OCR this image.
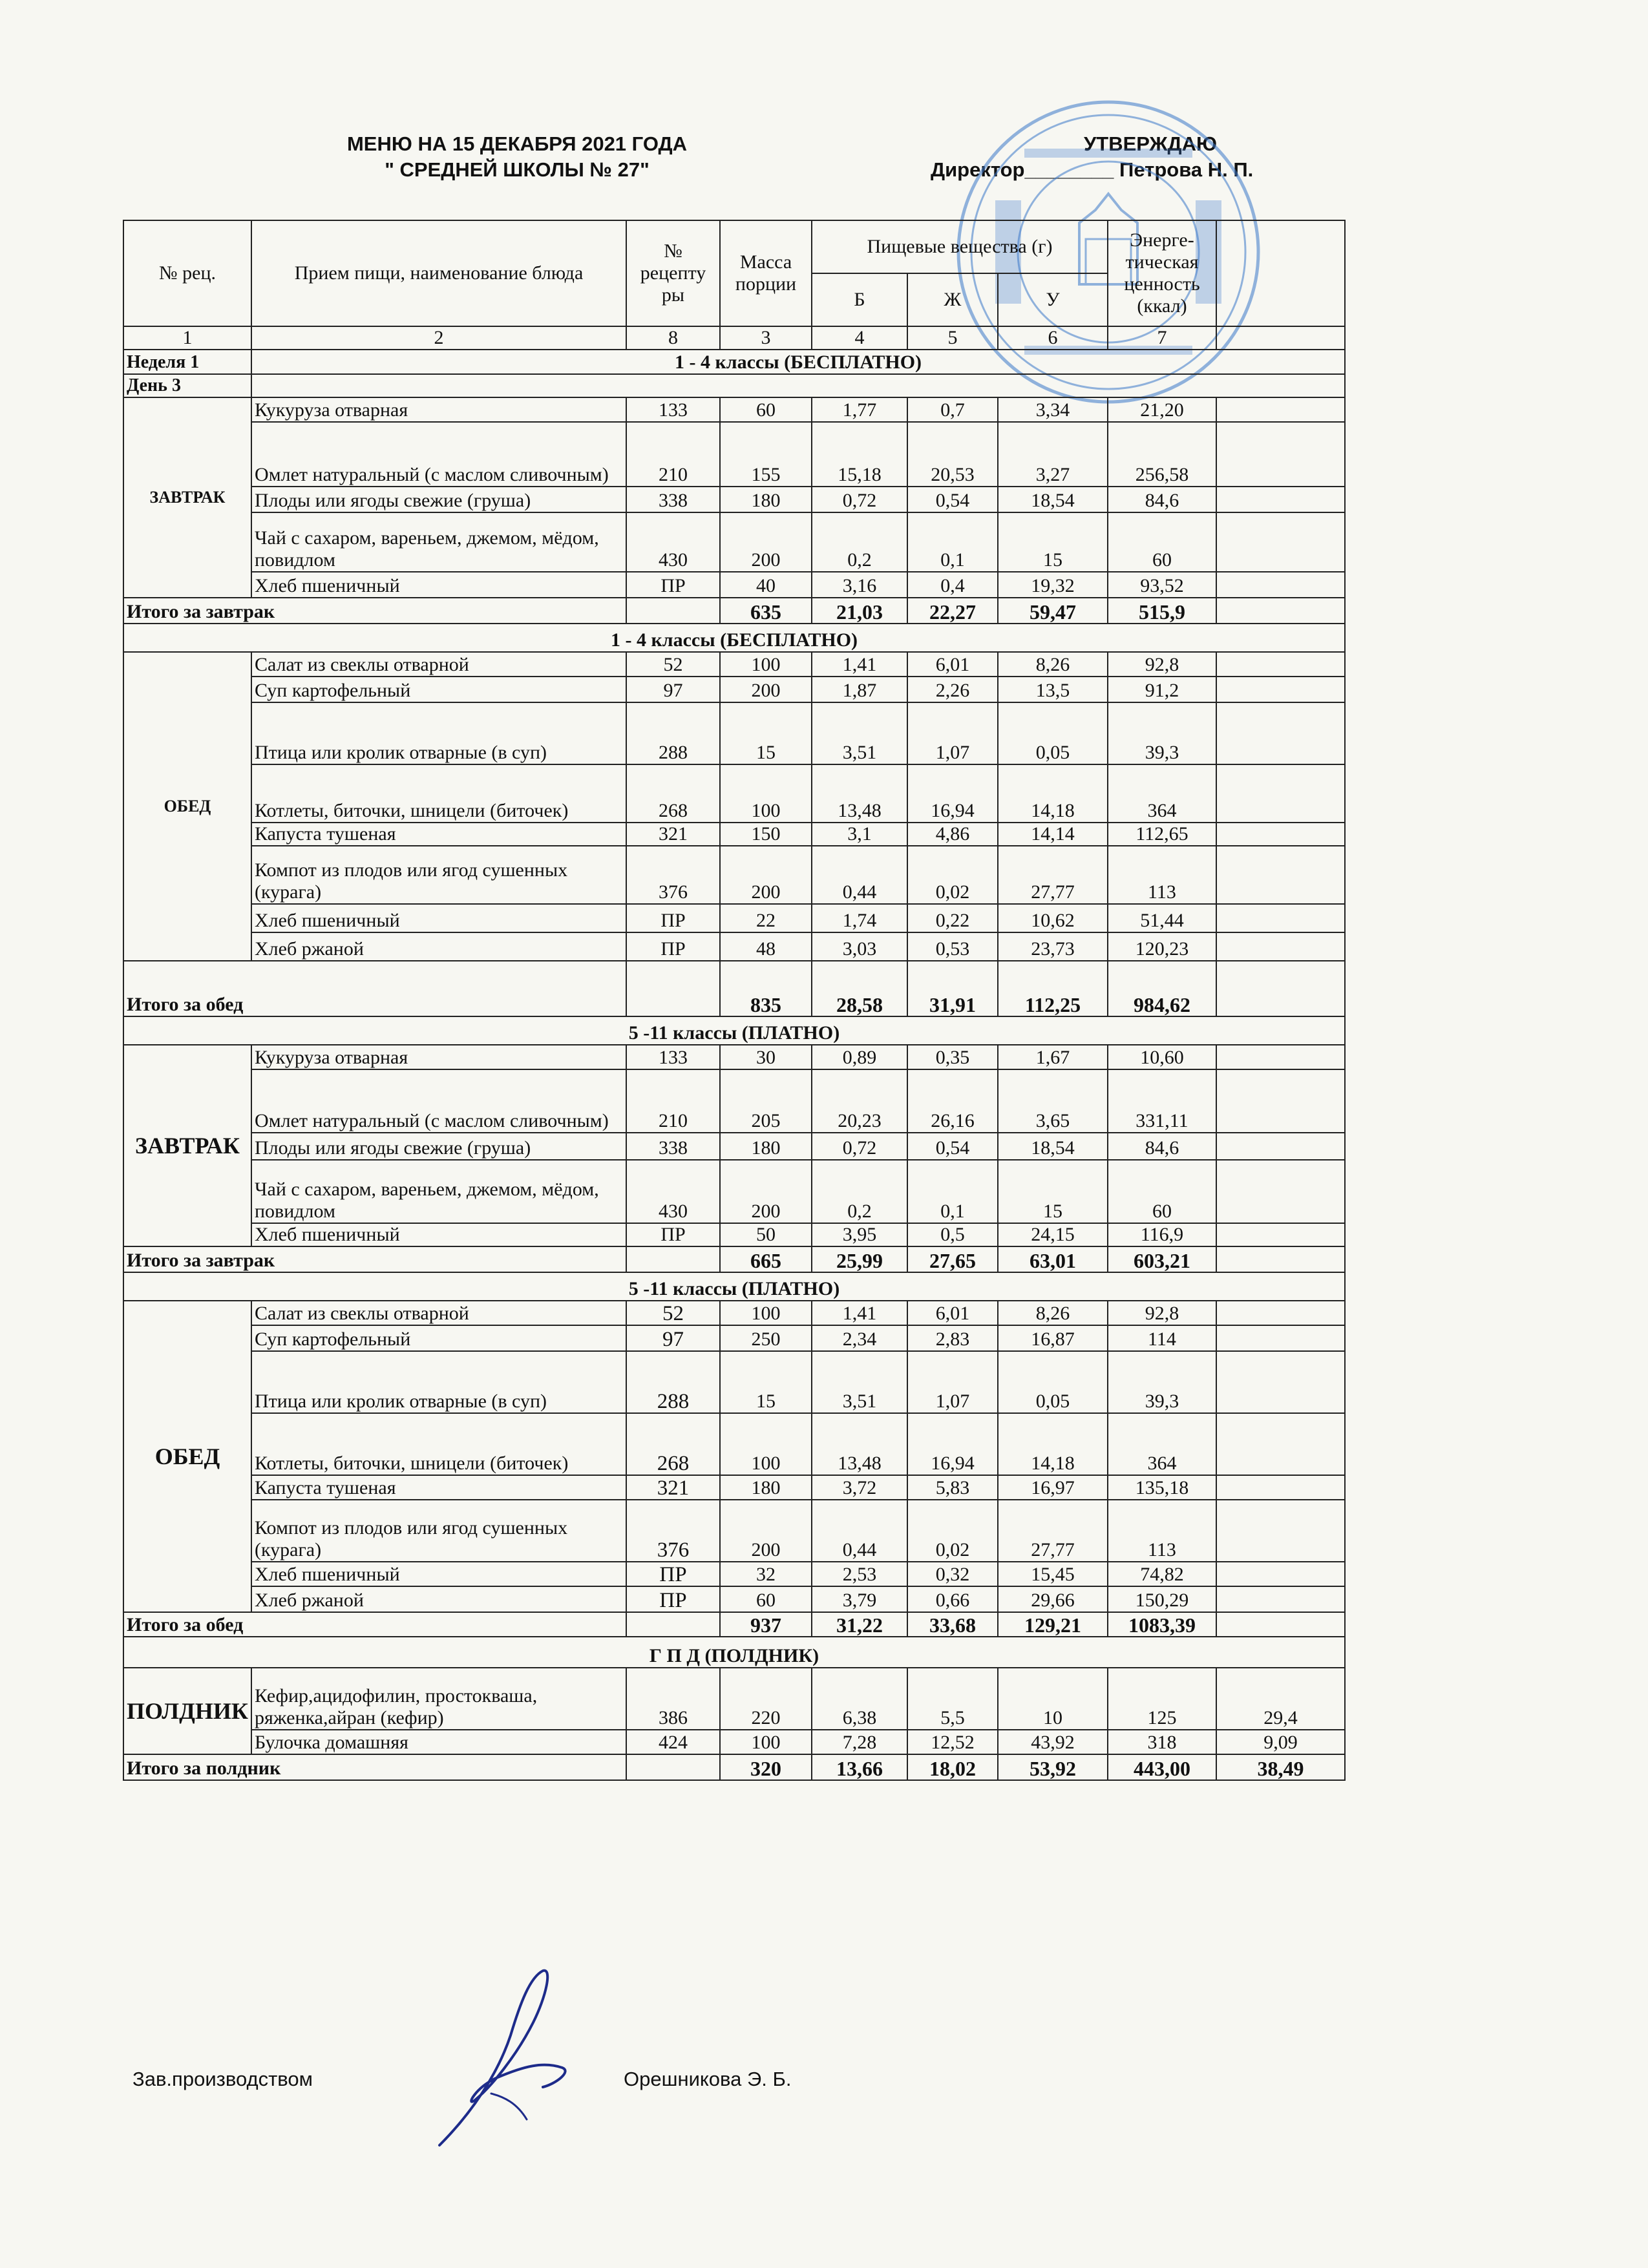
МЕНЮ НА 15 ДЕКАБРЯ 2021 ГОДА
" СРЕДНЕЙ ШКОЛЫ № 27"
УТВЕРЖДАЮ
Директор________ Петрова Н. П.
№ рец.	Прием пищи, наименование блюда	№ рецепту ры	Масса порции	Пищевые вещества (г)			Энерге- тическая ценность (ккал)	
				Б	Ж	У		
1	2	8	3	4	5	6	7	
Неделя 1	1 - 4 классы (БЕСПЛАТНО)							
День 3								
ЗАВТРАК	Кукуруза отварная	133	60	1,77	0,7	3,34	21,20	
	Омлет натуральный (с маслом сливочным)	210	155	15,18	20,53	3,27	256,58	
	Плоды или ягоды свежие (груша)	338	180	0,72	0,54	18,54	84,6	
	Чай с сахаром, вареньем, джемом, мёдом, повидлом	430	200	0,2	0,1	15	60	
	Хлеб пшеничный	ПР	40	3,16	0,4	19,32	93,52	
Итого за завтрак			635	21,03	22,27	59,47	515,9	
1 - 4 классы (БЕСПЛАТНО)								
ОБЕД	Салат из свеклы отварной	52	100	1,41	6,01	8,26	92,8	
	Суп картофельный	97	200	1,87	2,26	13,5	91,2	
	Птица или кролик отварные (в суп)	288	15	3,51	1,07	0,05	39,3	
	Котлеты, биточки, шницели (биточек)	268	100	13,48	16,94	14,18	364	
	Капуста тушеная	321	150	3,1	4,86	14,14	112,65	
	Компот из плодов или ягод сушенных (курага)	376	200	0,44	0,02	27,77	113	
	Хлеб пшеничный	ПР	22	1,74	0,22	10,62	51,44	
	Хлеб ржаной	ПР	48	3,03	0,53	23,73	120,23	
Итого за обед			835	28,58	31,91	112,25	984,62	
5 -11 классы (ПЛАТНО)								
ЗАВТРАК	Кукуруза отварная	133	30	0,89	0,35	1,67	10,60	
	Омлет натуральный (с маслом сливочным)	210	205	20,23	26,16	3,65	331,11	
	Плоды или ягоды свежие (груша)	338	180	0,72	0,54	18,54	84,6	
	Чай с сахаром, вареньем, джемом, мёдом, повидлом	430	200	0,2	0,1	15	60	
	Хлеб пшеничный	ПР	50	3,95	0,5	24,15	116,9	
Итого за завтрак			665	25,99	27,65	63,01	603,21	
5 -11 классы (ПЛАТНО)								
ОБЕД	Салат из свеклы отварной	52	100	1,41	6,01	8,26	92,8	
	Суп картофельный	97	250	2,34	2,83	16,87	114	
	Птица или кролик отварные (в суп)	288	15	3,51	1,07	0,05	39,3	
	Котлеты, биточки, шницели (биточек)	268	100	13,48	16,94	14,18	364	
	Капуста тушеная	321	180	3,72	5,83	16,97	135,18	
	Компот из плодов или ягод сушенных (курага)	376	200	0,44	0,02	27,77	113	
	Хлеб пшеничный	ПР	32	2,53	0,32	15,45	74,82	
	Хлеб ржаной	ПР	60	3,79	0,66	29,66	150,29	
Итого за обед			937	31,22	33,68	129,21	1083,39	
Г П Д (ПОЛДНИК)								
ПОЛДНИК	Кефир,ацидофилин, простокваша, ряженка,айран (кефир)	386	220	6,38	5,5	10	125	29,4
	Булочка домашняя	424	100	7,28	12,52	43,92	318	9,09
Итого за полдник			320	13,66	18,02	53,92	443,00	38,49
Зав.производством	Орешникова Э. Б.
